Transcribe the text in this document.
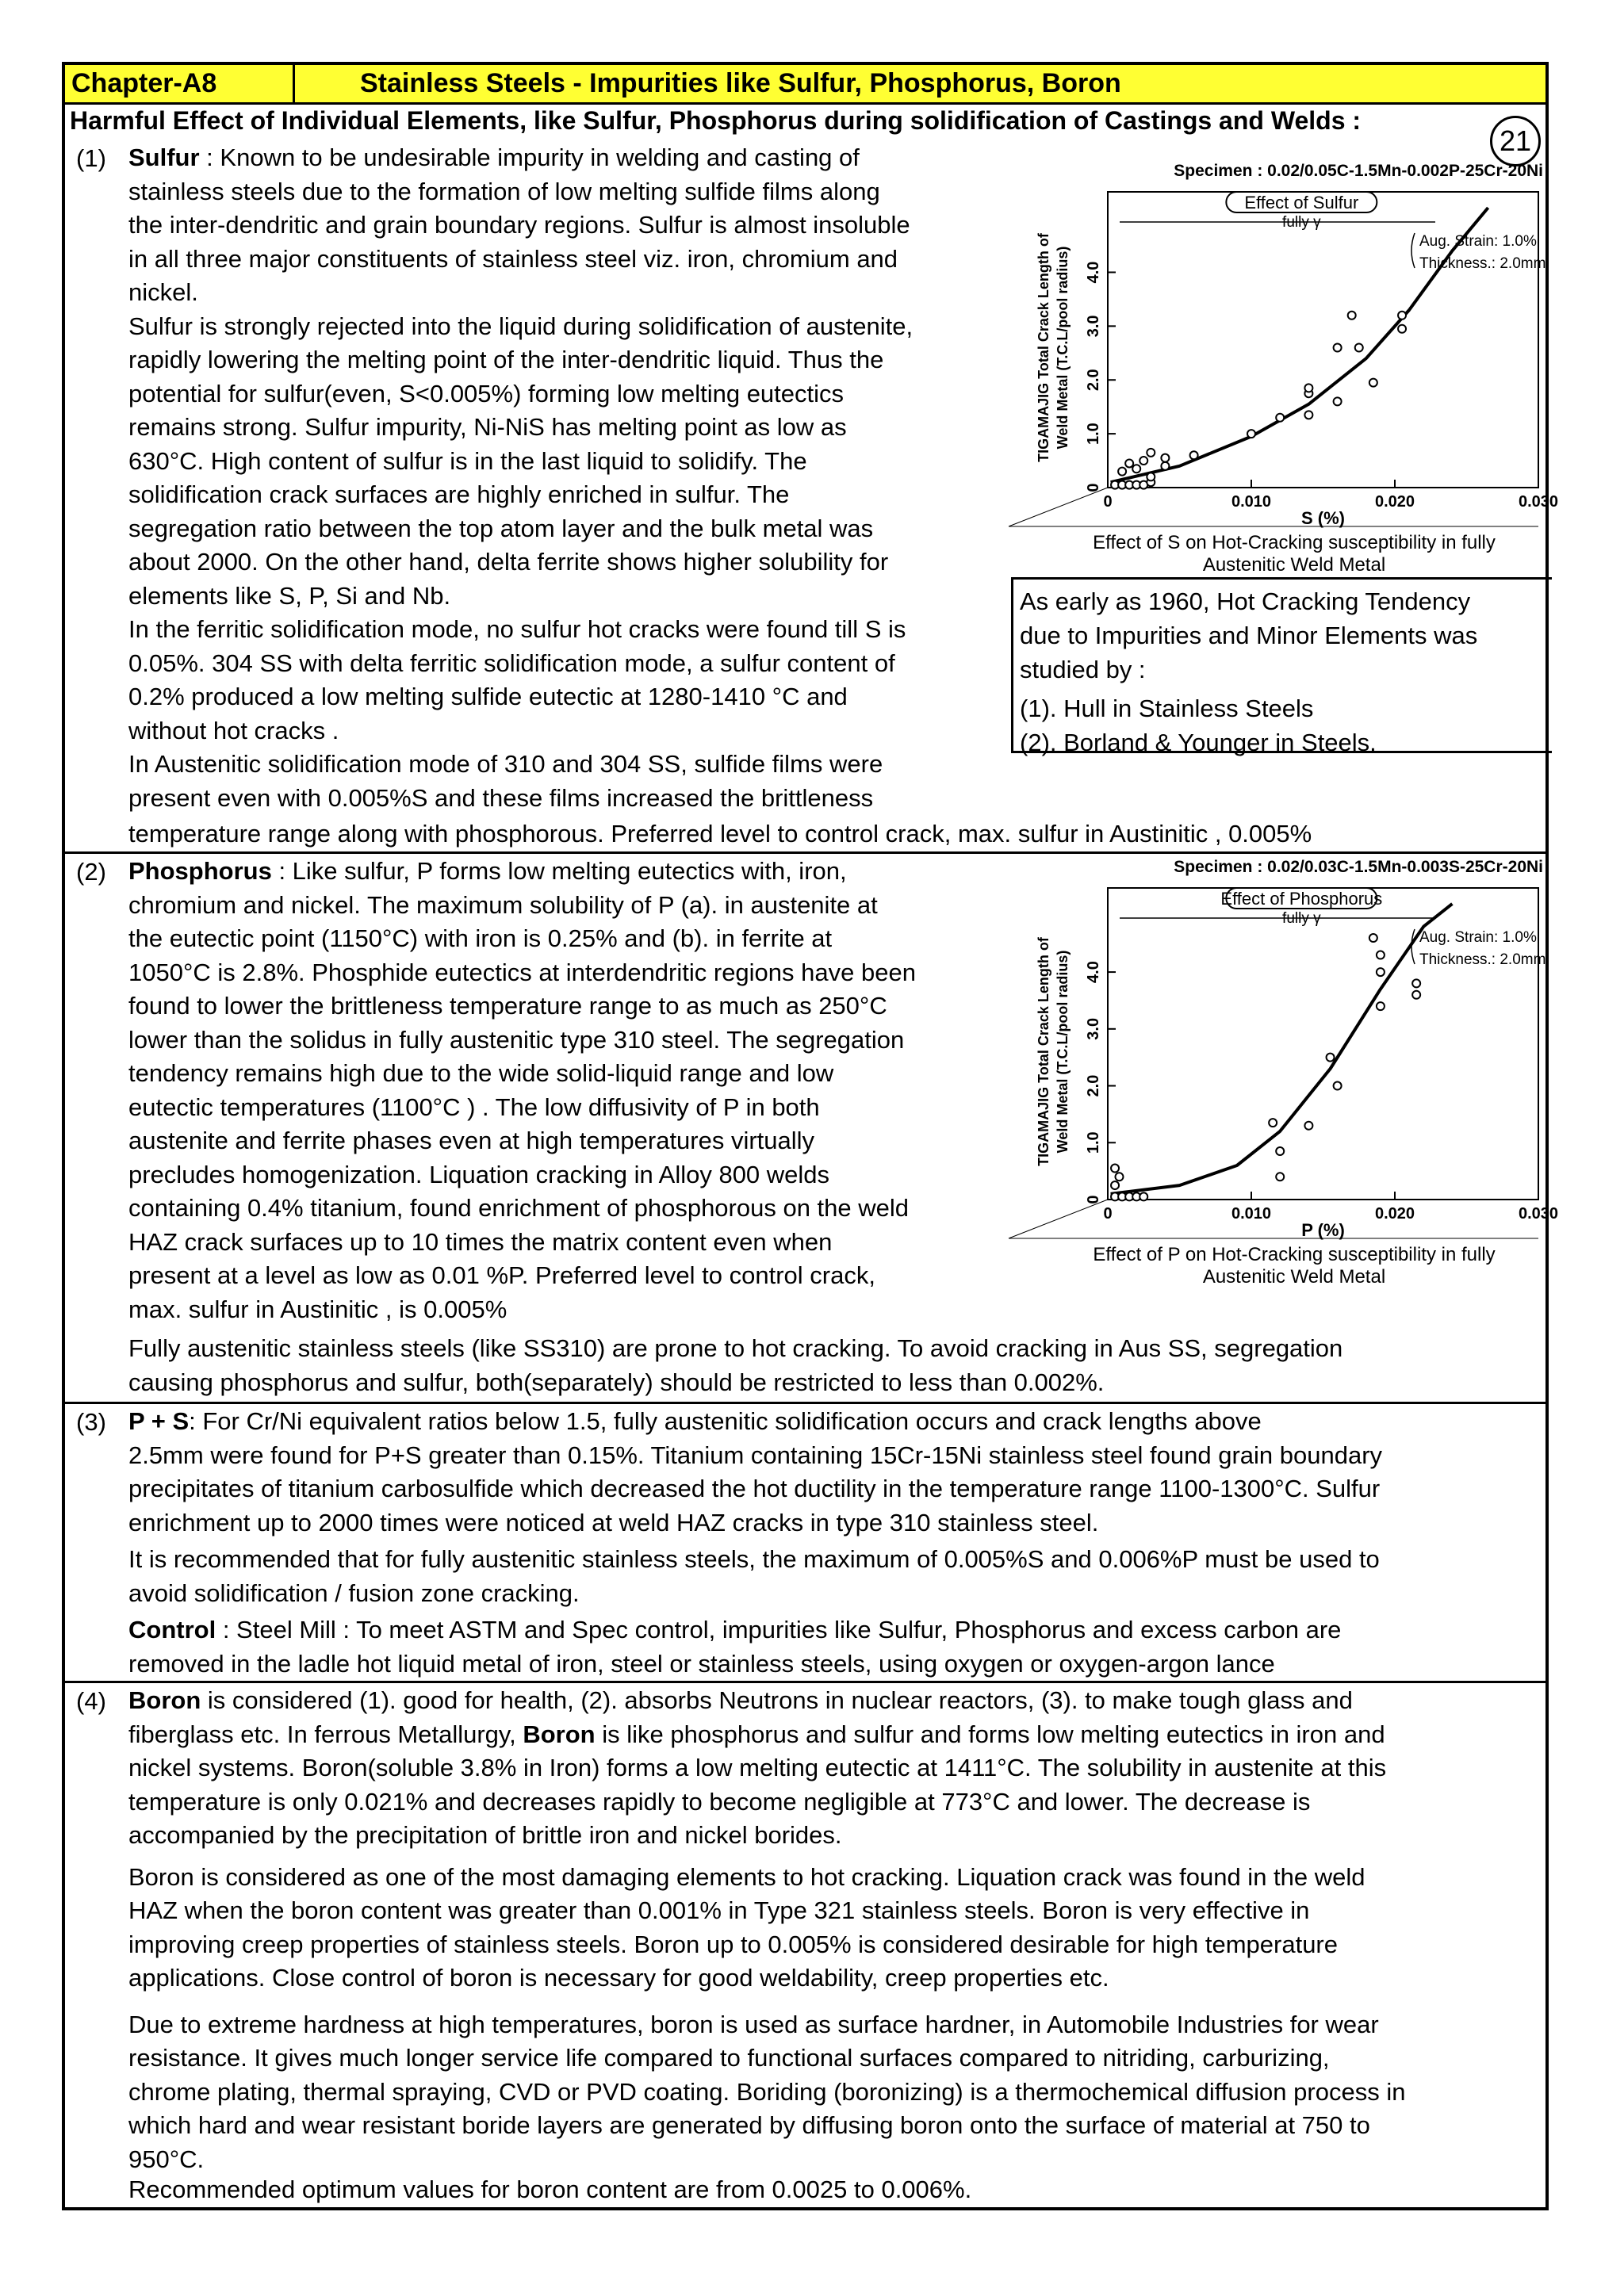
Chapter-A8	Stainless Steels - Impurities like Sulfur, Phosphorus, Boron
Harmful Effect of Individual Elements, like Sulfur, Phosphorus during solidification of Castings and Welds :
21
(1) Sulfur : Known to be undesirable impurity in welding and casting of
stainless steels due to the formation of low melting sulfide films along
the inter-dendritic and grain boundary regions. Sulfur is almost insoluble
in all three major constituents of stainless steel viz. iron, chromium and
nickel.
Sulfur is strongly rejected into the liquid during solidification of austenite,
rapidly lowering the melting point of the inter-dendritic liquid. Thus the
potential for sulfur(even, S<0.005%) forming low melting eutectics
remains strong. Sulfur impurity, Ni-NiS has melting point as low as
630°C. High content of sulfur is in the last liquid to solidify. The
solidification crack surfaces are highly enriched in sulfur. The
segregation ratio between the top atom layer and the bulk metal was
about 2000. On the other hand, delta ferrite shows higher solubility for
elements like S, P, Si and Nb.
In the ferritic solidification mode, no sulfur hot cracks were found till S is
0.05%. 304 SS with delta ferritic solidification mode, a sulfur content of
0.2% produced a low melting sulfide eutectic at 1280-1410 °C and
without hot cracks .
In Austenitic solidification mode of 310 and 304 SS, sulfide films were
present even with 0.005%S and these films increased the brittleness
temperature range along with phosphorous. Preferred level to control crack, max. sulfur in Austinitic , 0.005%
As early as 1960, Hot Cracking Tendency
due to Impurities and Minor Elements was
studied by :
(1). Hull in Stainless Steels
(2). Borland & Younger in Steels.
Specimen : 0.02/0.05C-1.5Mn-0.002P-25Cr-20Ni
Effect of Sulfur
fully γ
0
1.0
2.0
3.0
4.0
0	0.010	0.020	0.030
S (%)
TIGAMAJIG Total Crack Length of Weld Metal (T.C.L/pool radius)
Aug. Strain: 1.0%
Thickness.: 2.0mm
Effect of S on Hot-Cracking susceptibility in fully Austenitic Weld Metal
(2) Phosphorus : Like sulfur, P forms low melting eutectics with, iron,
chromium and nickel. The maximum solubility of P (a). in austenite at
the eutectic point (1150°C) with iron is 0.25% and (b). in ferrite at
1050°C is 2.8%. Phosphide eutectics at interdendritic regions have been
found to lower the brittleness temperature range to as much as 250°C
lower than the solidus in fully austenitic type 310 steel. The segregation
tendency remains high due to the wide solid-liquid range and low
eutectic temperatures (1100°C ) . The low diffusivity of P in both
austenite and ferrite phases even at high temperatures virtually
precludes homogenization. Liquation cracking in Alloy 800 welds
containing 0.4% titanium, found enrichment of phosphorous on the weld
HAZ crack surfaces up to 10 times the matrix content even when
present at a level as low as 0.01 %P. Preferred level to control crack,
max. sulfur in Austinitic , is 0.005%
Specimen : 0.02/0.03C-1.5Mn-0.003S-25Cr-20Ni
Effect of Phosphorus
fully γ
0
1.0
2.0
3.0
4.0
0	0.010	0.020	0.030
P (%)
TIGAMAJIG Total Crack Length of Weld Metal (T.C.L/pool radius)
Aug. Strain: 1.0%
Thickness.: 2.0mm
Effect of P on Hot-Cracking susceptibility in fully Austenitic Weld Metal
Fully austenitic stainless steels (like SS310) are prone to hot cracking. To avoid cracking in Aus SS, segregation
causing phosphorus and sulfur, both(separately) should be restricted to less than 0.002%.
(3) P + S: For Cr/Ni equivalent ratios below 1.5, fully austenitic solidification occurs and crack lengths above
2.5mm were found for P+S greater than 0.15%. Titanium containing 15Cr-15Ni stainless steel found grain boundary
precipitates of titanium carbosulfide which decreased the hot ductility in the temperature range 1100-1300°C. Sulfur
enrichment up to 2000 times were noticed at weld HAZ cracks in type 310 stainless steel.
It is recommended that for fully austenitic stainless steels, the maximum of 0.005%S and 0.006%P must be used to
avoid solidification / fusion zone cracking.
Control : Steel Mill : To meet ASTM and Spec control, impurities like Sulfur, Phosphorus and excess carbon are
removed in the ladle hot liquid metal of iron, steel or stainless steels, using oxygen or oxygen-argon lance
(4) Boron is considered (1). good for health, (2). absorbs Neutrons in nuclear reactors, (3). to make tough glass and
fiberglass etc. In ferrous Metallurgy, Boron is like phosphorus and sulfur and forms low melting eutectics in iron and
nickel systems. Boron(soluble 3.8% in Iron) forms a low melting eutectic at 1411°C. The solubility in austenite at this
temperature is only 0.021% and decreases rapidly to become negligible at 773°C and lower. The decrease is
accompanied by the precipitation of brittle iron and nickel borides.
Boron is considered as one of the most damaging elements to hot cracking. Liquation crack was found in the weld
HAZ when the boron content was greater than 0.001% in Type 321 stainless steels. Boron is very effective in
improving creep properties of stainless steels. Boron up to 0.005% is considered desirable for high temperature
applications. Close control of boron is necessary for good weldability, creep properties etc.
Due to extreme hardness at high temperatures, boron is used as surface hardner, in Automobile Industries for wear
resistance. It gives much longer service life compared to functional surfaces compared to nitriding, carburizing,
chrome plating, thermal spraying, CVD or PVD coating. Boriding (boronizing) is a thermochemical diffusion process in
which hard and wear resistant boride layers are generated by diffusing boron onto the surface of material at 750 to
950°C.
Recommended optimum values for boron content are from 0.0025 to 0.006%.
